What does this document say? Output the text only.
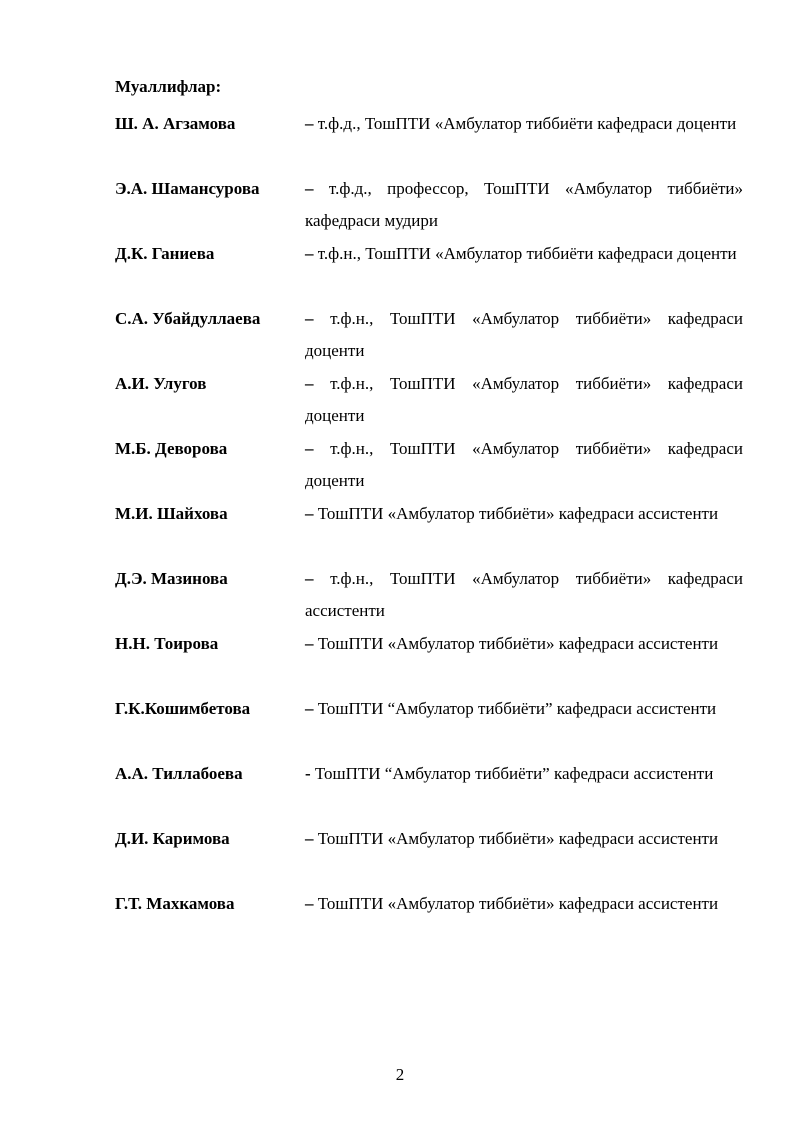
Муаллифлар:
Ш. А. Агзамова	– т.ф.д., ТошПТИ «Амбулатор тиббиёти кафедраси доценти
Э.А. Шамансурова	– т.ф.д., профессор, ТошПТИ «Амбулатор тиббиёти» кафедраси мудири
Д.К. Ганиева	– т.ф.н., ТошПТИ «Амбулатор тиббиёти кафедраси доценти
С.А. Убайдуллаева	– т.ф.н., ТошПТИ «Амбулатор тиббиёти» кафедраси доценти
А.И. Улугов	– т.ф.н., ТошПТИ «Амбулатор тиббиёти» кафедраси доценти
М.Б. Деворова	– т.ф.н., ТошПТИ «Амбулатор тиббиёти» кафедраси доценти
М.И. Шайхова	– ТошПТИ «Амбулатор тиббиёти» кафедраси ассистенти
Д.Э. Мазинова	– т.ф.н., ТошПТИ «Амбулатор тиббиёти» кафедраси ассистенти
Н.Н. Тоирова	– ТошПТИ «Амбулатор тиббиёти» кафедраси ассистенти
Г.К.Кошимбетова	– ТошПТИ “Амбулатор тиббиёти” кафедраси ассистенти
А.А. Тиллабоева	- ТошПТИ “Амбулатор тиббиёти” кафедраси ассистенти
Д.И. Каримова	– ТошПТИ «Амбулатор тиббиёти» кафедраси ассистенти
Г.Т. Махкамова	– ТошПТИ «Амбулатор тиббиёти» кафедраси ассистенти
2
